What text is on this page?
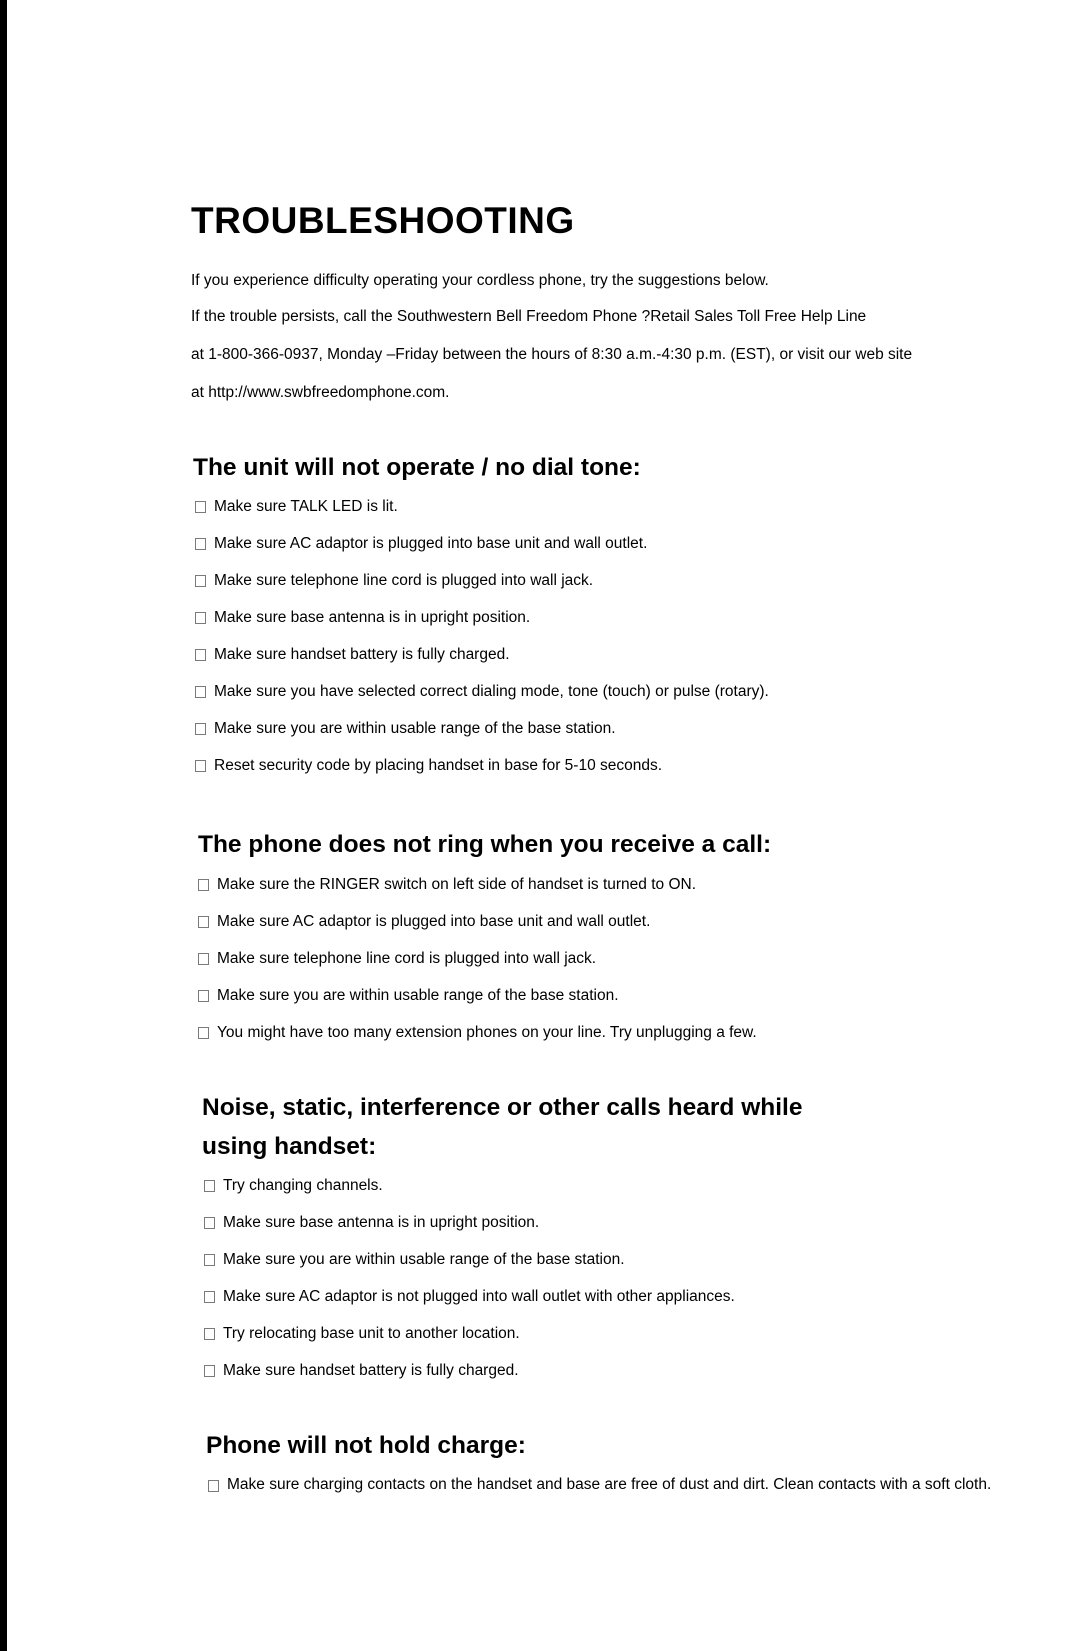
TROUBLESHOOTING
If you experience difficulty operating your cordless phone, try the suggestions below.
If the trouble persists, call the Southwestern Bell Freedom Phone ?Retail Sales Toll Free Help Line
at 1-800-366-0937, Monday –Friday between the hours of 8:30 a.m.-4:30 p.m. (EST), or visit our web site
at http://www.swbfreedomphone.com.
The unit will not operate / no dial tone:
Make sure TALK LED is lit.
Make sure AC adaptor is plugged into base unit and wall outlet.
Make sure telephone line cord is plugged into wall jack.
Make sure base antenna is in upright position.
Make sure handset battery is fully charged.
Make sure you have selected correct dialing mode, tone (touch) or pulse (rotary).
Make sure you are within usable range of the base station.
Reset security code by placing handset in base for 5-10 seconds.
The phone does not ring when you receive a call:
Make sure the RINGER switch on left side of handset is turned to ON.
Make sure AC adaptor is plugged into base unit and wall outlet.
Make sure telephone line cord is plugged into wall jack.
Make sure you are within usable range of the base station.
You might have too many extension phones on your line. Try unplugging a few.
Noise, static, interference or other calls heard while
using handset:
Try changing channels.
Make sure base antenna is in upright position.
Make sure you are within usable range of the base station.
Make sure AC adaptor is not plugged into wall outlet with other appliances.
Try relocating base unit to another location.
Make sure handset battery is fully charged.
Phone will not hold charge:
Make sure charging contacts on the handset and base are free of dust and dirt. Clean contacts with a soft cloth.
